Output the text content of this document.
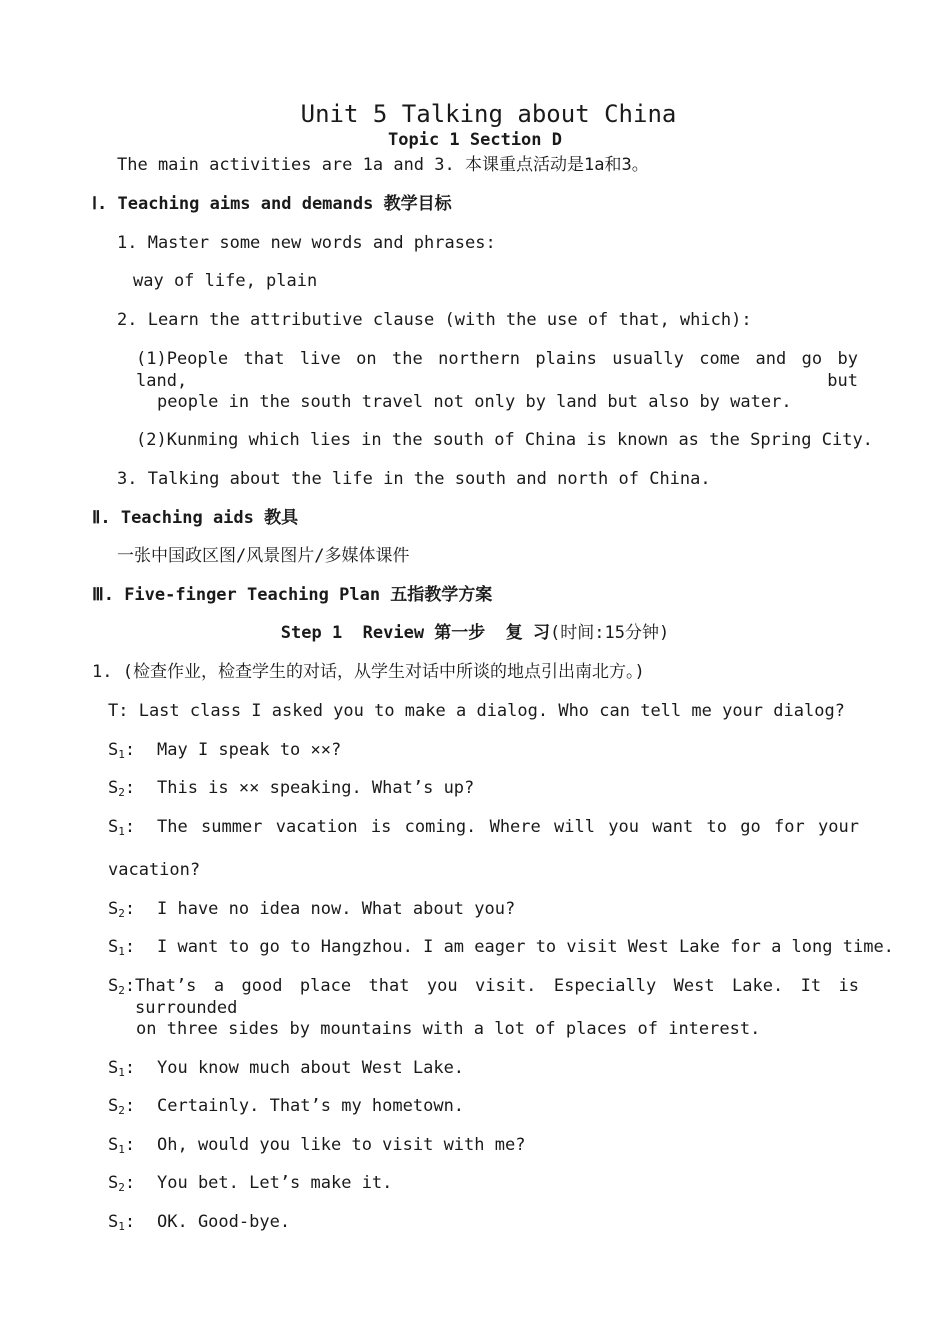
Unit 5 Talking about China
Topic 1 Section D
The main activities are 1a and 3. 本课重点活动是1a和3。
Ⅰ. Teaching aims and demands 教学目标
1. Master some new words and phrases:
way of life, plain
2. Learn the attributive clause (with the use of that, which):
(1)People that live on the northern plains usually come and go by land, but
people in the south travel not only by land but also by water.
(2)Kunming which lies in the south of China is known as the Spring City.
3. Talking about the life in the south and north of China.
Ⅱ. Teaching aids 教具
一张中国政区图/风景图片/多媒体课件
Ⅲ. Five-finger Teaching Plan 五指教学方案
Step 1  Review 第一步  复 习(时间:15分钟)
1. (检查作业，检查学生的对话，从学生对话中所谈的地点引出南北方。)
T: Last class I asked you to make a dialog. Who can tell me your dialog?
$S_1$: May I speak to ××?
$S_2$: This is ×× speaking. What’s up?
$S_1$: The summer vacation is coming. Where will you want to go for your
vacation?
$S_2$: I have no idea now. What about you?
$S_1$: I want to go to Hangzhou. I am eager to visit West Lake for a long time.
$S_2:That’s$ a good place that you visit. Especially West Lake. It is surrounded
on three sides by mountains with a lot of places of interest.
$S_1$: You know much about West Lake.
$S_2$: Certainly. That’s my hometown.
$S_1$: Oh, would you like to visit with me?
$S_2$: You bet. Let’s make it.
$S_1$: OK. Good-bye.
